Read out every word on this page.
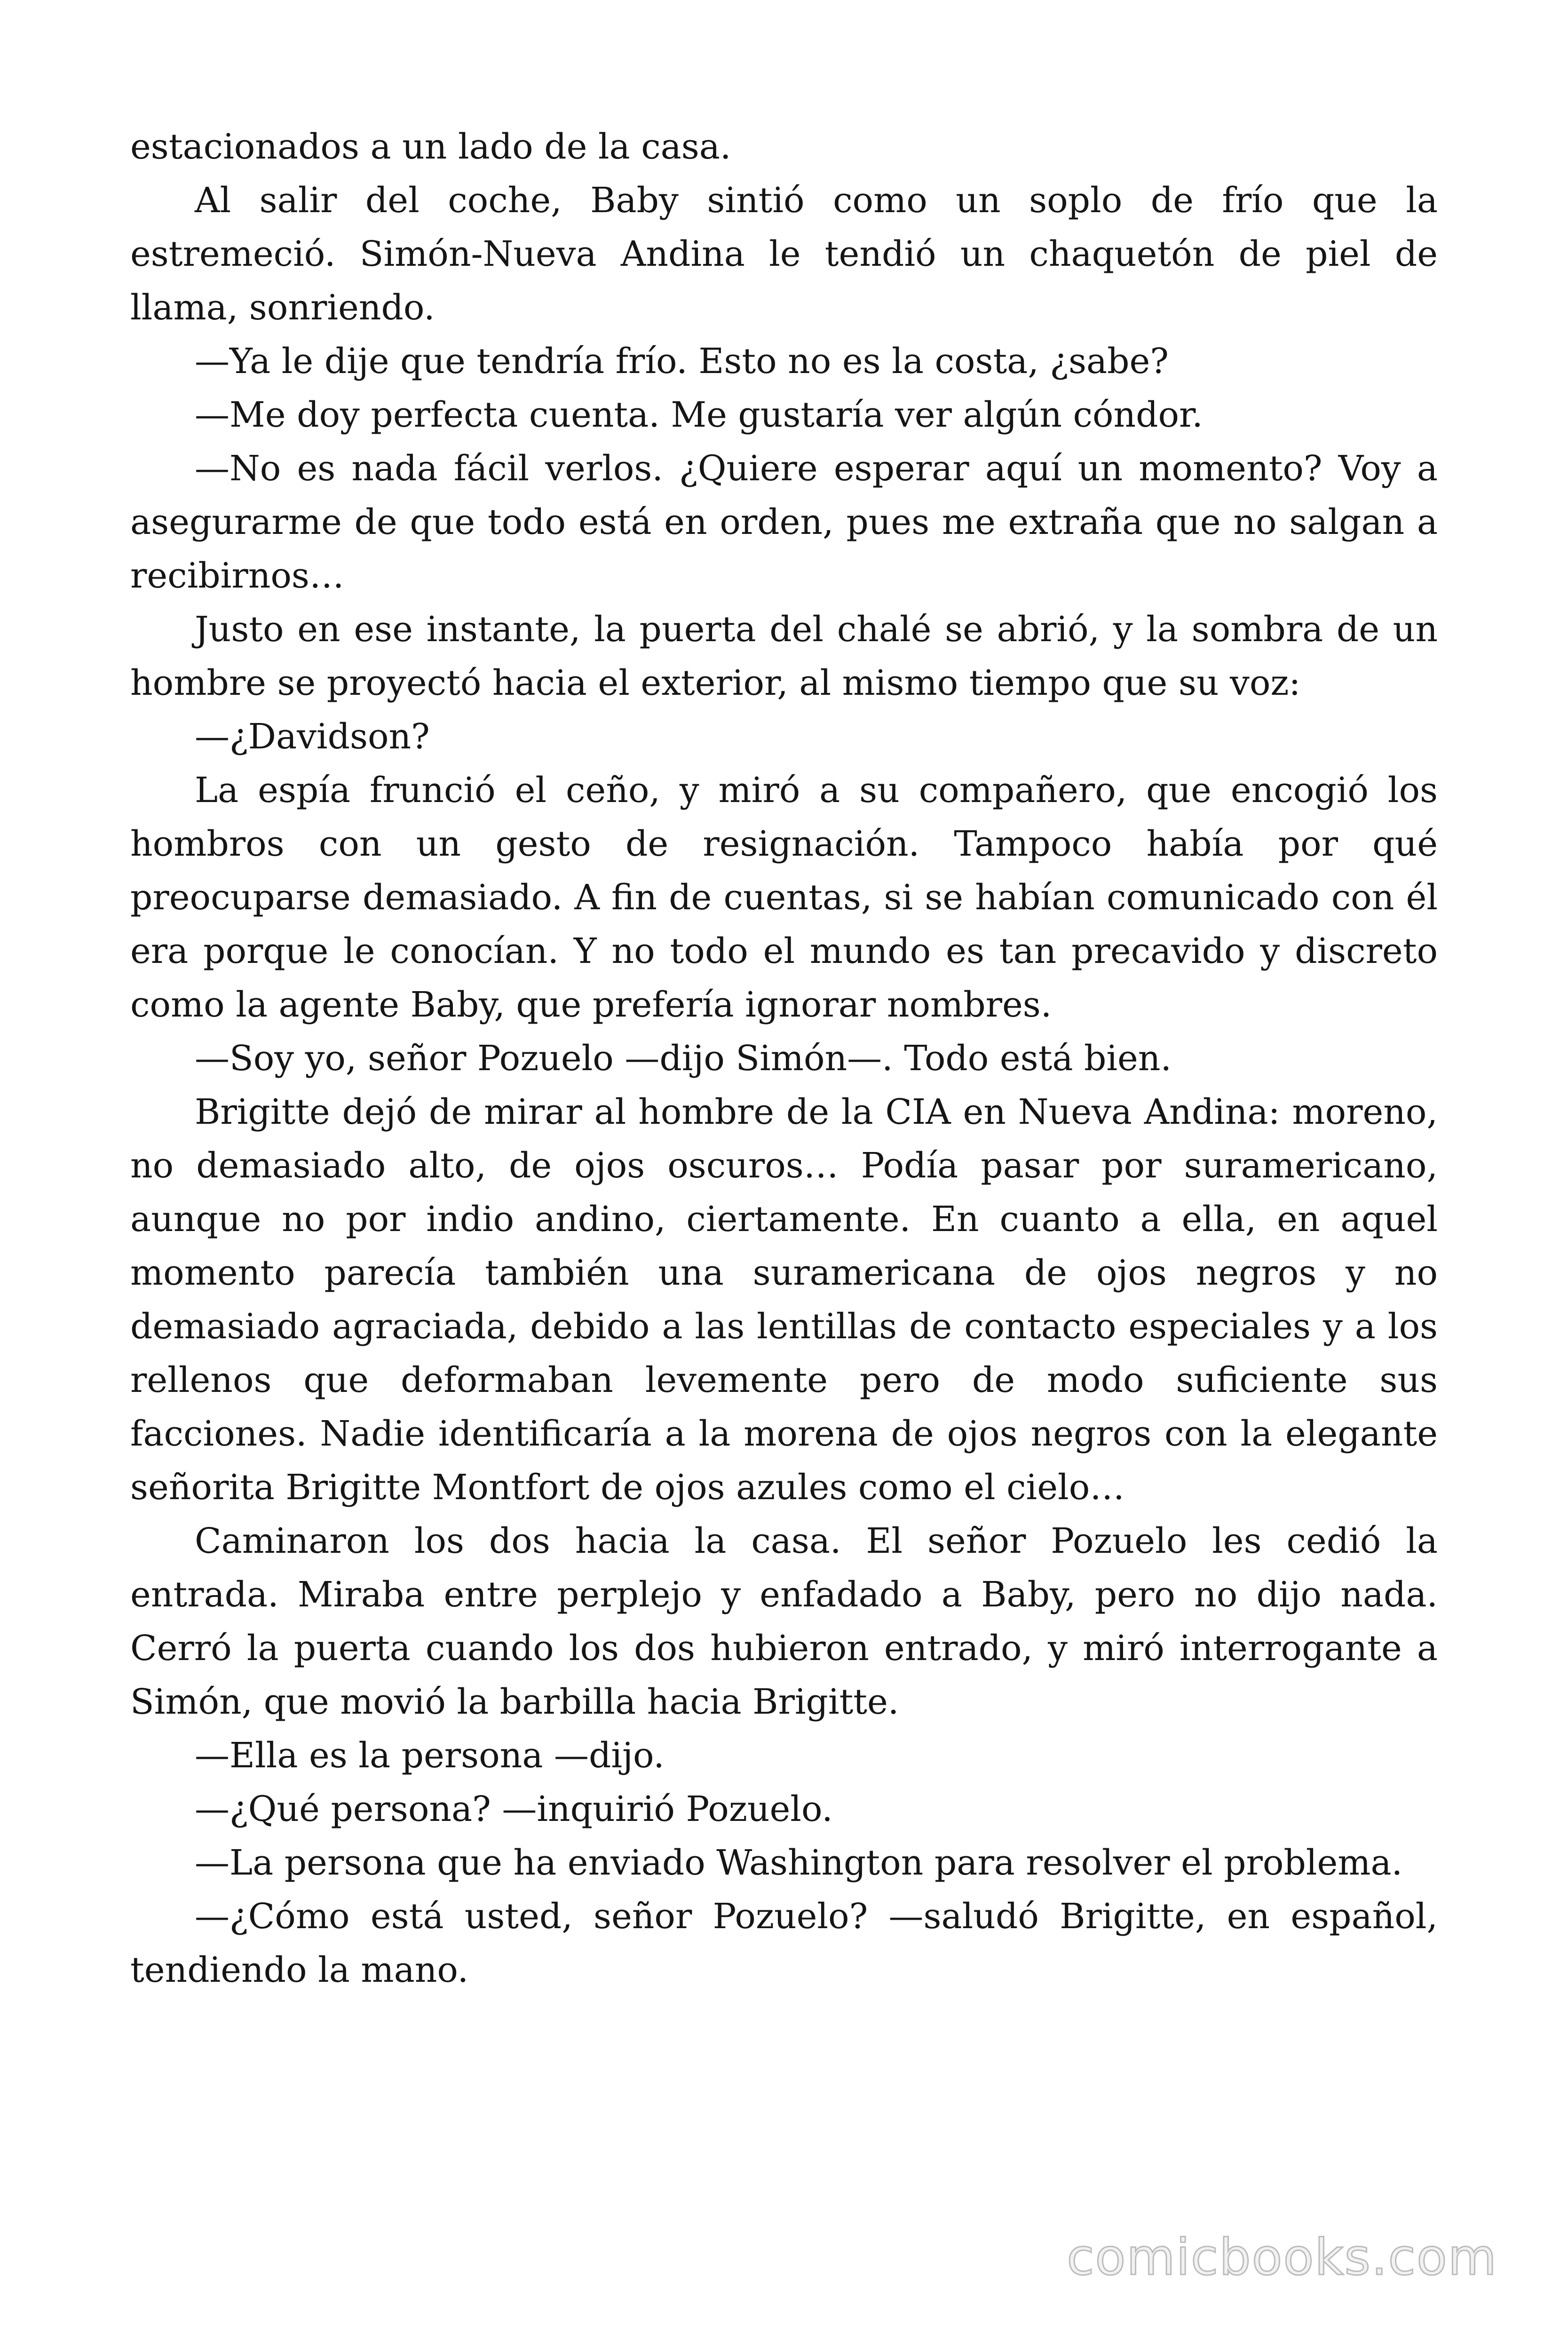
estacionados a un lado de la casa.

Al salir del coche, Baby sintió como un soplo de frío que la estremeció. Simón-Nueva Andina le tendió un chaquetón de piel de llama, sonriendo.

—Ya le dije que tendría frío. Esto no es la costa, ¿sabe?

—Me doy perfecta cuenta. Me gustaría ver algún cóndor.

—No es nada fácil verlos. ¿Quiere esperar aquí un momento? Voy a asegurarme de que todo está en orden, pues me extraña que no salgan a recibirnos…

Justo en ese instante, la puerta del chalé se abrió, y la sombra de un hombre se proyectó hacia el exterior, al mismo tiempo que su voz:

—¿Davidson?

La espía frunció el ceño, y miró a su compañero, que encogió los hombros con un gesto de resignación. Tampoco había por qué preocuparse demasiado. A fin de cuentas, si se habían comunicado con él era porque le conocían. Y no todo el mundo es tan precavido y discreto como la agente Baby, que prefería ignorar nombres.

—Soy yo, señor Pozuelo —dijo Simón—. Todo está bien.

Brigitte dejó de mirar al hombre de la CIA en Nueva Andina: moreno, no demasiado alto, de ojos oscuros… Podía pasar por suramericano, aunque no por indio andino, ciertamente. En cuanto a ella, en aquel momento parecía también una suramericana de ojos negros y no demasiado agraciada, debido a las lentillas de contacto especiales y a los rellenos que deformaban levemente pero de modo suficiente sus facciones. Nadie identificaría a la morena de ojos negros con la elegante señorita Brigitte Montfort de ojos azules como el cielo…

Caminaron los dos hacia la casa. El señor Pozuelo les cedió la entrada. Miraba entre perplejo y enfadado a Baby, pero no dijo nada. Cerró la puerta cuando los dos hubieron entrado, y miró interrogante a Simón, que movió la barbilla hacia Brigitte.

—Ella es la persona —dijo.

—¿Qué persona? —inquirió Pozuelo.

—La persona que ha enviado Washington para resolver el problema.

—¿Cómo está usted, señor Pozuelo? —saludó Brigitte, en español, tendiendo la mano.

comicbooks.com
